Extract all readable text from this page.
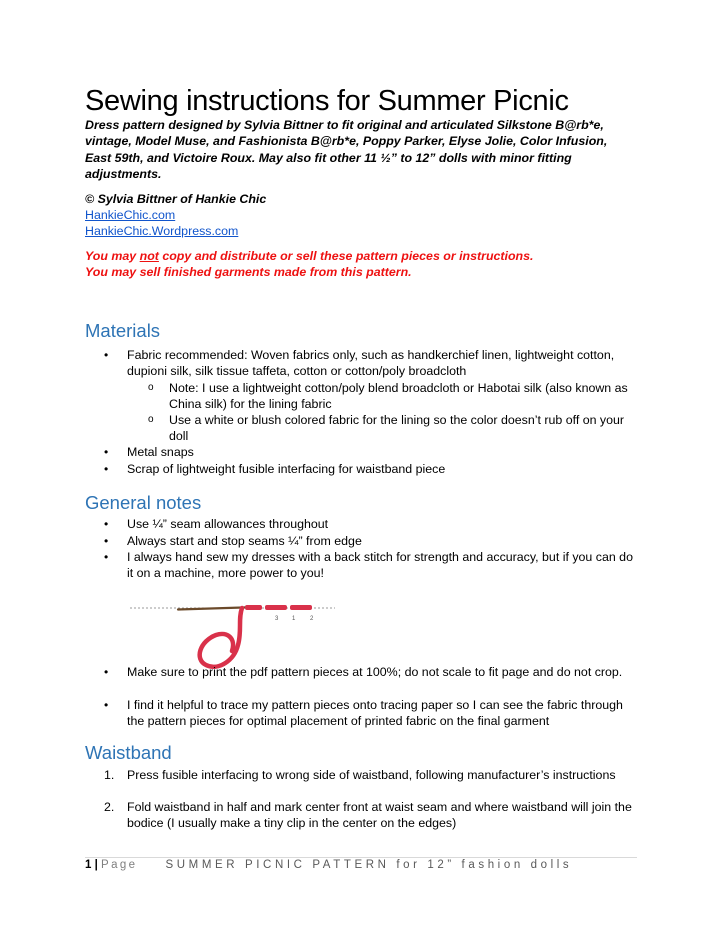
Sewing instructions for Summer Picnic
Dress pattern designed by Sylvia Bittner to fit original and articulated Silkstone B@rb*e, vintage, Model Muse, and Fashionista B@rb*e, Poppy Parker, Elyse Jolie, Color Infusion, East 59th, and Victoire Roux. May also fit other 11 ½” to 12” dolls with minor fitting adjustments.
© Sylvia Bittner of Hankie Chic
HankieChic.com
HankieChic.Wordpress.com
You may not copy and distribute or sell these pattern pieces or instructions.
You may sell finished garments made from this pattern.
Materials
• Fabric recommended: Woven fabrics only, such as handkerchief linen, lightweight cotton, dupioni silk, silk tissue taffeta, cotton or cotton/poly broadcloth
o Note: I use a lightweight cotton/poly blend broadcloth or Habotai silk (also known as China silk) for the lining fabric
o Use a white or blush colored fabric for the lining so the color doesn’t rub off on your doll
• Metal snaps
• Scrap of lightweight fusible interfacing for waistband piece
General notes
• Use ¼” seam allowances throughout
• Always start and stop seams ¼” from edge
• I always hand sew my dresses with a back stitch for strength and accuracy, but if you can do it on a machine, more power to you!
3 1 2
• Make sure to print the pdf pattern pieces at 100%; do not scale to fit page and do not crop.
• I find it helpful to trace my pattern pieces onto tracing paper so I can see the fabric through the pattern pieces for optimal placement of printed fabric on the final garment
Waistband
1. Press fusible interfacing to wrong side of waistband, following manufacturer’s instructions
2. Fold waistband in half and mark center front at waist seam and where waistband will join the bodice (I usually make a tiny clip in the center on the edges)
1 | Page SUMMER PICNIC PATTERN for 12” fashion dolls
